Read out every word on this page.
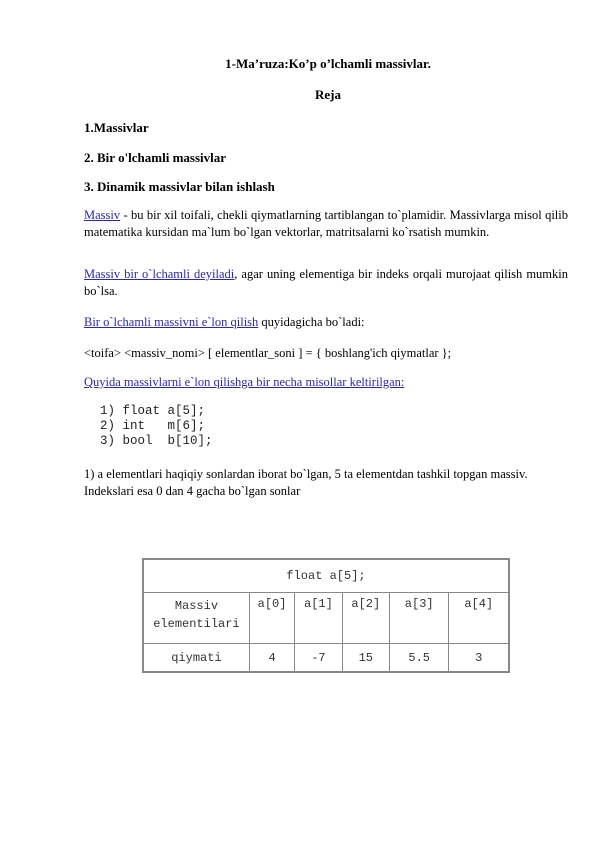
1-Ma’ruza:Ko’p o’lchamli massivlar.
Reja
1.Massivlar
2. Bir o'lchamli massivlar
3. Dinamik massivlar bilan ishlash
Massiv - bu bir xil toifali, chekli qiymatlarning tartiblangan to`plamidir. Massivlarga misol qilib matematika kursidan ma`lum bo`lgan vektorlar, matritsalarni ko`rsatish mumkin.
Massiv bir o`lchamli deyiladi, agar uning elementiga bir indeks orqali murojaat qilish mumkin bo`lsa.
Bir o`lchamli massivni e`lon qilish quyidagicha bo`ladi:
<toifa> <massiv_nomi> [ elementlar_soni ] = { boshlang'ich qiymatlar };
Quyida massivlarni e`lon qilishga bir necha misollar keltirilgan:
1) float a[5];
2) int   m[6];
3) bool  b[10];
1) a elementlari haqiqiy sonlardan iborat bo`lgan, 5 ta elementdan tashkil topgan massiv. Indekslari esa 0 dan 4 gacha bo`lgan sonlar
float a[5];					
Massiv elementilari	a[0]	a[1]	a[2]	a[3]	a[4]
qiymati	4	-7	15	5.5	3
